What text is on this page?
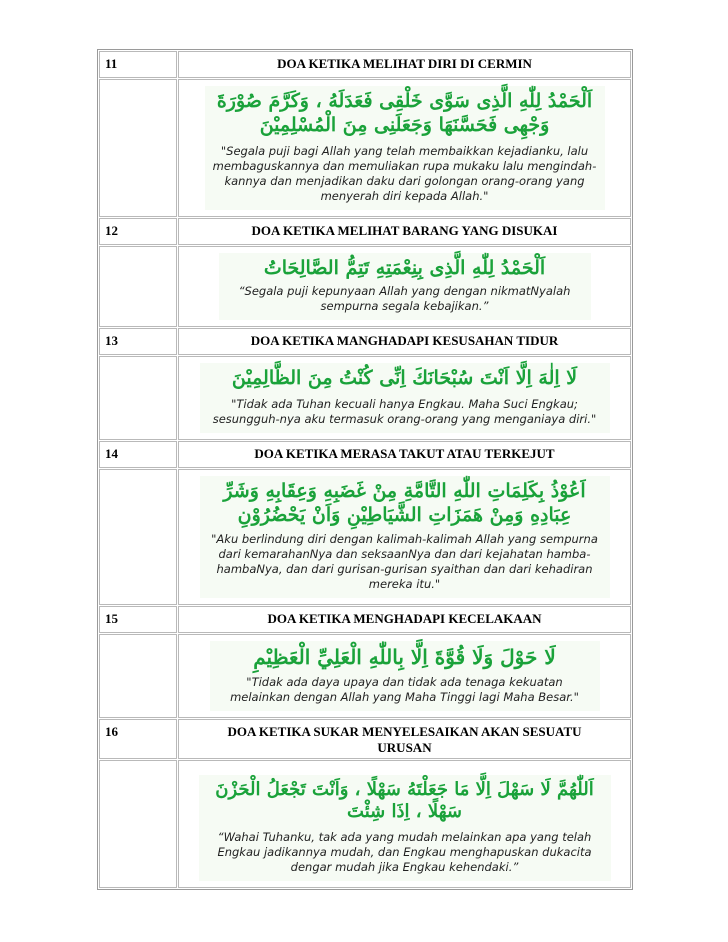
11	DOA KETIKA MELIHAT DIRI DI CERMIN

	اَلْحَمْدُ لِلّٰهِ الَّذِى سَوَّى خَلْقِى فَعَدَلَهُ ، وَكَرَّمَ صُوْرَةَ وَجْهِى فَحَسَّنَهَا وَجَعَلَنِى مِنَ الْمُسْلِمِيْنَ
"Segala puji bagi Allah yang telah membaikkan kejadianku, lalu membaguskannya dan memuliakan rupa mukaku lalu mengindah-kannya dan menjadikan daku dari golongan orang-orang yang menyerah diri kepada Allah."

12	DOA KETIKA MELIHAT BARANG YANG DISUKAI

	اَلْحَمْدُ لِلّٰهِ الَّذِى بِنِعْمَتِهِ تَتِمُّ الصَّالِحَاتُ
“Segala puji kepunyaan Allah yang dengan nikmatNyalah sempurna segala kebajikan.”

13	DOA KETIKA MANGHADAPI KESUSAHAN TIDUR

	لَا اِلٰهَ اِلَّا اَنْتَ سُبْحَانَكَ اِنِّى كُنْتُ مِنَ الظَّالِمِيْنَ
"Tidak ada Tuhan kecuali hanya Engkau. Maha Suci Engkau; sesungguh-nya aku termasuk orang-orang yang menganiaya diri."

14	DOA KETIKA MERASA TAKUT ATAU TERKEJUT

	اَعُوْذُ بِكَلِمَاتِ اللّٰهِ التَّامَّةِ مِنْ غَضَبِهِ وَعِقَابِهِ وَشَرِّ عِبَادِهِ وَمِنْ هَمَزَاتِ الشَّيَاطِيْنِ وَاَنْ يَحْضُرُوْنِ
"Aku berlindung diri dengan kalimah-kalimah Allah yang sempurna dari kemarahanNya dan seksaanNya dan dari kejahatan hamba-hambaNya, dan dari gurisan-gurisan syaithan dan dari kehadiran mereka itu."

15	DOA KETIKA MENGHADAPI KECELAKAAN

	لَا حَوْلَ وَلَا قُوَّةَ اِلَّا بِاللّٰهِ الْعَلِيِّ الْعَظِيْمِ
"Tidak ada daya upaya dan tidak ada tenaga kekuatan melainkan dengan Allah yang Maha Tinggi lagi Maha Besar."

16	DOA KETIKA SUKAR MENYELESAIKAN AKAN SESUATU URUSAN

	اَللّٰهُمَّ لَا سَهْلَ اِلَّا مَا جَعَلْتَهُ سَهْلًا ، وَاَنْتَ تَجْعَلُ الْحَزْنَ سَهْلًا ، اِذَا شِئْتَ
“Wahai Tuhanku, tak ada yang mudah melainkan apa yang telah Engkau jadikannya mudah, dan Engkau menghapuskan dukacita dengar mudah jika Engkau kehendaki.”
